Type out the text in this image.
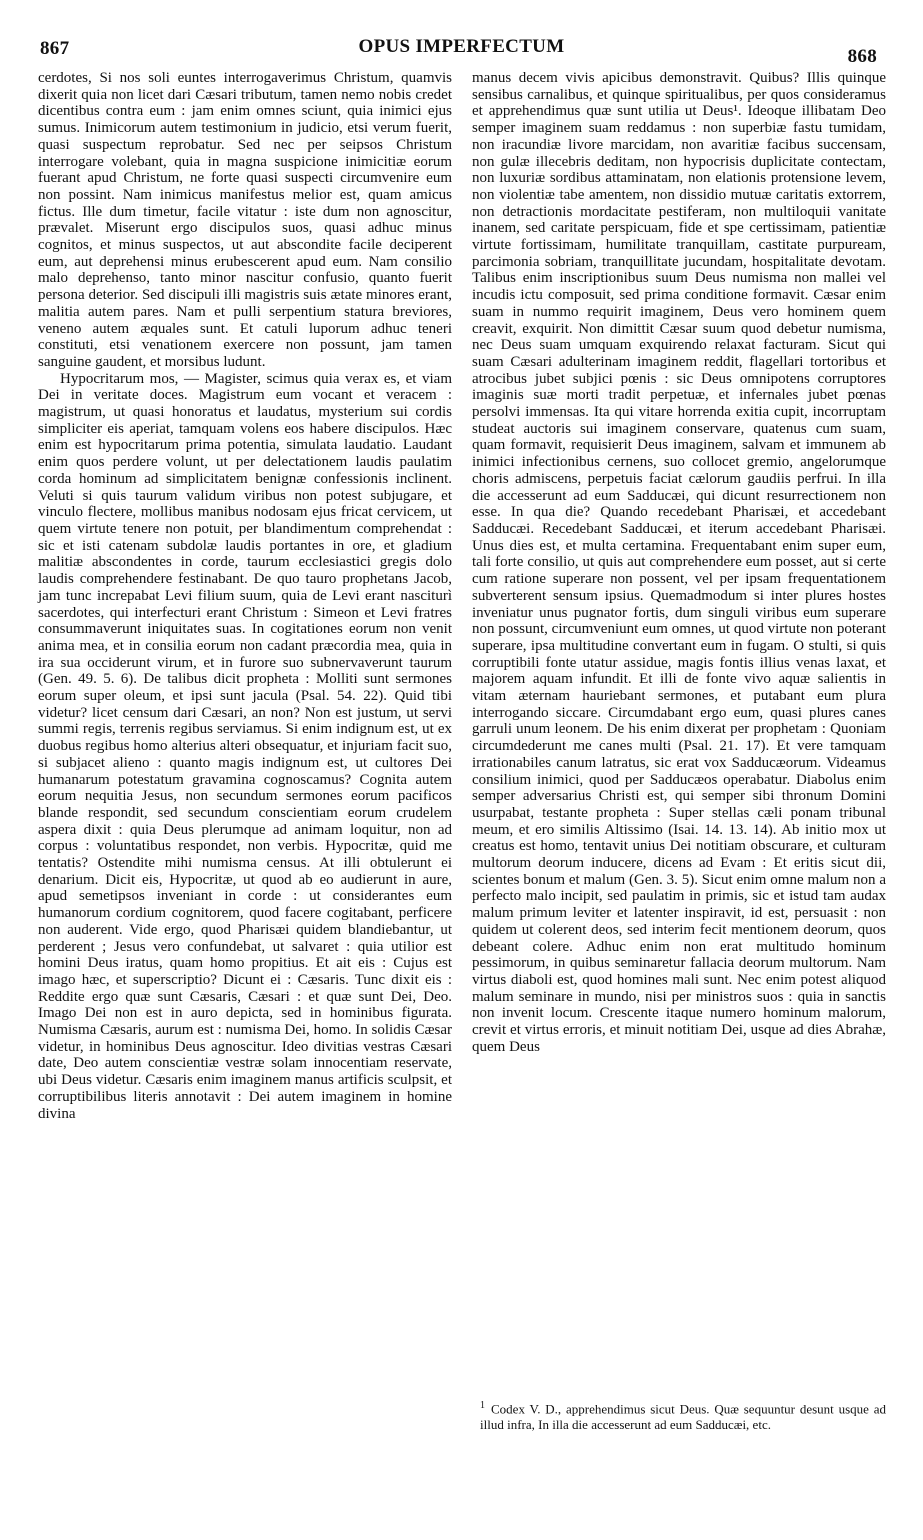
867	OPUS IMPERFECTUM	868

cerdotes, Si nos soli euntes interrogaverimus Christum, quamvis dixerit quia non licet dari Cæsari tributum, tamen nemo nobis credet dicentibus contra eum : jam enim omnes sciunt, quia inimici ejus sumus. Inimicorum autem testimonium in judicio, etsi verum fuerit, quasi suspectum reprobatur. Sed nec per seipsos Christum interrogare volebant, quia in magna suspicione inimicitiæ eorum fuerant apud Christum, ne forte quasi suspecti circumvenire eum non possint. Nam inimicus manifestus melior est, quam amicus fictus. Ille dum timetur, facile vitatur : iste dum non agnoscitur, prævalet. Miserunt ergo discipulos suos, quasi adhuc minus cognitos, et minus suspectos, ut aut abscondite facile deciperent eum, aut deprehensi minus erubescerent apud eum. Nam consilio malo deprehenso, tanto minor nascitur confusio, quanto fuerit persona deterior. Sed discipuli illi magistris suis ætate minores erant, malitia autem pares. Nam et pulli serpentium statura breviores, veneno autem æquales sunt. Et catuli luporum adhuc teneri constituti, etsi venationem exercere non possunt, jam tamen sanguine gaudent, et morsibus ludunt.

Hypocritarum mos, — Magister, scimus quia verax es, et viam Dei in veritate doces. Magistrum eum vocant et veracem : magistrum, ut quasi honoratus et laudatus, mysterium sui cordis simpliciter eis aperiat, tamquam volens eos habere discipulos. Hæc enim est hypocritarum prima potentia, simulata laudatio. Laudant enim quos perdere volunt, ut per delectationem laudis paulatim corda hominum ad simplicitatem benignæ confessionis inclinent. Veluti si quis taurum validum viribus non potest subjugare, et vinculo flectere, mollibus manibus nodosam ejus fricat cervicem, ut quem virtute tenere non potuit, per blandimentum comprehendat : sic et isti catenam subdolæ laudis portantes in ore, et gladium malitiæ abscondentes in corde, taurum ecclesiastici gregis dolo laudis comprehendere festinabant. De quo tauro prophetans Jacob, jam tunc increpabat Levi filium suum, quia de Levi erant nasciturì sacerdotes, qui interfecturi erant Christum : Simeon et Levi fratres consummaverunt iniquitates suas. In cogitationes eorum non venit anima mea, et in consilia eorum non cadant præcordia mea, quia in ira sua occiderunt virum, et in furore suo subnervaverunt taurum (Gen. 49. 5. 6). De talibus dicit propheta : Molliti sunt sermones eorum super oleum, et ipsi sunt jacula (Psal. 54. 22). Quid tibi videtur? licet censum dari Cæsari, an non? Non est justum, ut servi summi regis, terrenis regibus serviamus. Si enim indignum est, ut ex duobus regibus homo alterius alteri obsequatur, et injuriam facit suo, si subjacet alieno : quanto magis indignum est, ut cultores Dei humanarum potestatum gravamina cognoscamus? Cognita autem eorum nequitia Jesus, non secundum sermones eorum pacificos blande respondit, sed secundum conscientiam eorum crudelem aspera dixit : quia Deus plerumque ad animam loquitur, non ad corpus : voluntatibus respondet, non verbis. Hypocritæ, quid me tentatis? Ostendite mihi numisma census. At illi obtulerunt ei denarium. Dicit eis, Hypocritæ, ut quod ab eo audierunt in aure, apud semetipsos inveniant in corde : ut considerantes eum humanorum cordium cognitorem, quod facere cogitabant, perficere non auderent. Vide ergo, quod Pharisæi quidem blandiebantur, ut perderent ; Jesus vero confundebat, ut salvaret : quia utilior est homini Deus iratus, quam homo propitius. Et ait eis : Cujus est imago hæc, et superscriptio? Dicunt ei : Cæsaris. Tunc dixit eis : Reddite ergo quæ sunt Cæsaris, Cæsari : et quæ sunt Dei, Deo. Imago Dei non est in auro depicta, sed in hominibus figurata. Numisma Cæsaris, aurum est : numisma Dei, homo. In solidis Cæsar videtur, in hominibus Deus agnoscitur. Ideo divitias vestras Cæsari date, Deo autem conscientiæ vestræ solam innocentiam reservate, ubi Deus videtur. Cæsaris enim imaginem manus artificis sculpsit, et corruptibilibus literis annotavit : Dei autem imaginem in homine divina

manus decem vivis apicibus demonstravit. Quibus? Illis quinque sensibus carnalibus, et quinque spiritualibus, per quos consideramus et apprehendimus quæ sunt utilia ut Deus¹. Ideoque illibatam Deo semper imaginem suam reddamus : non superbiæ fastu tumidam, non iracundiæ livore marcidam, non avaritiæ facibus succensam, non gulæ illecebris deditam, non hypocrisis duplicitate contectam, non luxuriæ sordibus attaminatam, non elationis protensione levem, non violentiæ tabe amentem, non dissidio mutuæ caritatis extorrem, non detractionis mordacitate pestiferam, non multiloquii vanitate inanem, sed caritate perspicuam, fide et spe certissimam, patientiæ virtute fortissimam, humilitate tranquillam, castitate purpuream, parcimonia sobriam, tranquillitate jucundam, hospitalitate devotam. Talibus enim inscriptionibus suum Deus numisma non mallei vel incudis ictu composuit, sed prima conditione formavit. Cæsar enim suam in nummo requirit imaginem, Deus vero hominem quem creavit, exquirit. Non dimittit Cæsar suum quod debetur numisma, nec Deus suam umquam exquirendo relaxat facturam. Sicut qui suam Cæsari adulterinam imaginem reddit, flagellari tortoribus et atrocibus jubet subjici pœnis : sic Deus omnipotens corruptores imaginis suæ morti tradit perpetuæ, et infernales jubet pœnas persolvi immensas. Ita qui vitare horrenda exitia cupit, incorruptam studeat auctoris sui imaginem conservare, quatenus cum suam, quam formavit, requisierit Deus imaginem, salvam et immunem ab inimici infectionibus cernens, suo collocet gremio, angelorumque choris admiscens, perpetuis faciat cælorum gaudiis perfrui. In illa die accesserunt ad eum Sadducæi, qui dicunt resurrectionem non esse. In qua die? Quando recedebant Pharisæi, et accedebant Sadducæi. Recedebant Sadducæi, et iterum accedebant Pharisæi. Unus dies est, et multa certamina. Frequentabant enim super eum, tali forte consilio, ut quis aut comprehendere eum posset, aut si certe cum ratione superare non possent, vel per ipsam frequentationem subverterent sensum ipsius. Quemadmodum si inter plures hostes inveniatur unus pugnator fortis, dum singuli viribus eum superare non possunt, circumveniunt eum omnes, ut quod virtute non poterant superare, ipsa multitudine convertant eum in fugam. O stulti, si quis corruptibili fonte utatur assidue, magis fontis illius venas laxat, et majorem aquam infundit. Et illi de fonte vivo aquæ salientis in vitam æternam hauriebant sermones, et putabant eum plura interrogando siccare. Circumdabant ergo eum, quasi plures canes garruli unum leonem. De his enim dixerat per prophetam : Quoniam circumdederunt me canes multi (Psal. 21. 17). Et vere tamquam irrationabiles canum latratus, sic erat vox Sadducæorum. Videamus consilium inimici, quod per Sadducæos operabatur. Diabolus enim semper adversarius Christi est, qui semper sibi thronum Domini usurpabat, testante propheta : Super stellas cæli ponam tribunal meum, et ero similis Altissimo (Isai. 14. 13. 14). Ab initio mox ut creatus est homo, tentavit unius Dei notitiam obscurare, et culturam multorum deorum inducere, dicens ad Evam : Et eritis sicut dii, scientes bonum et malum (Gen. 3. 5). Sicut enim omne malum non a perfecto malo incipit, sed paulatim in primis, sic et istud tam audax malum primum leviter et latenter inspiravit, id est, persuasit : non quidem ut colerent deos, sed interim fecit mentionem deorum, quos debeant colere. Adhuc enim non erat multitudo hominum pessimorum, in quibus seminaretur fallacia deorum multorum. Nam virtus diaboli est, quod homines mali sunt. Nec enim potest aliquod malum seminare in mundo, nisi per ministros suos : quia in sanctis non invenit locum. Crescente itaque numero hominum malorum, crevit et virtus erroris, et minuit notitiam Dei, usque ad dies Abrahæ, quem Deus

$^1$ Codex V. D., apprehendimus sicut Deus. Quæ sequuntur desunt usque ad illud infra, In illa die accesserunt ad eum Sadducæi, etc.
